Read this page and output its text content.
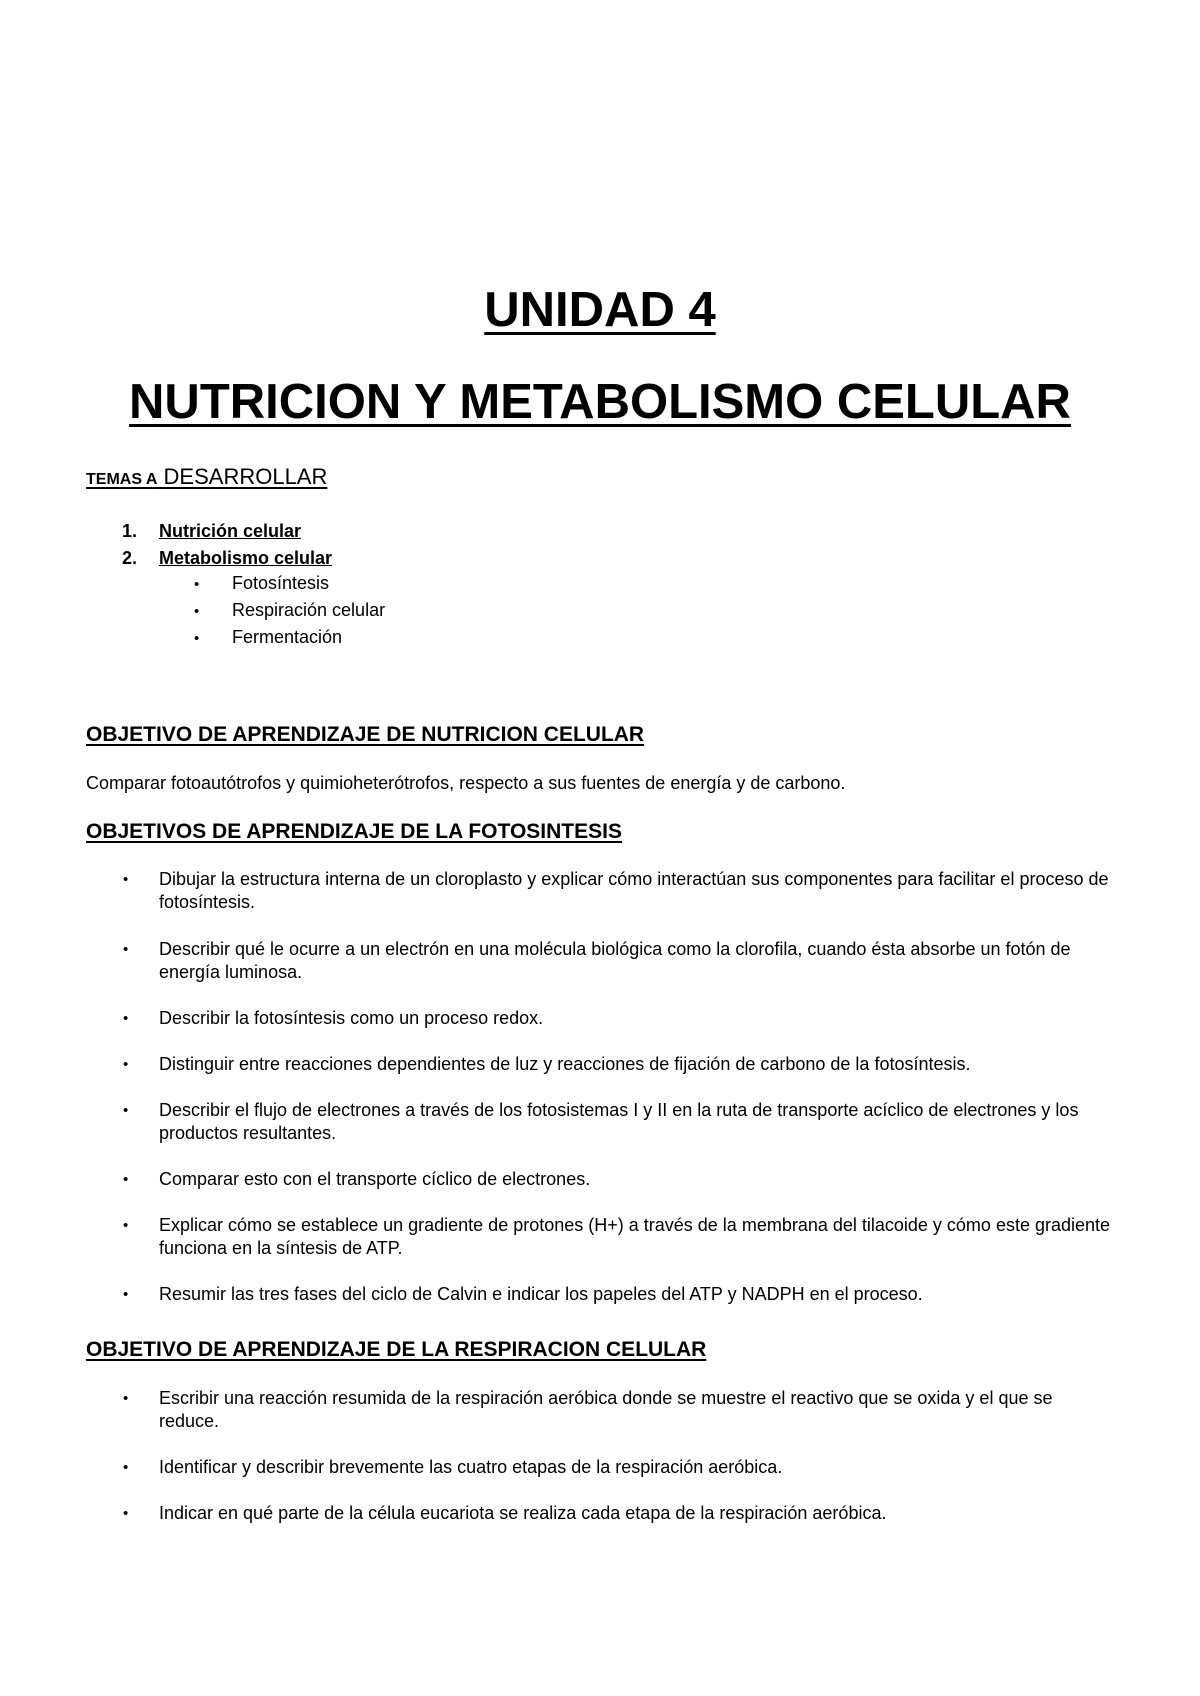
UNIDAD 4
NUTRICION Y METABOLISMO CELULAR

TEMAS A DESARROLLAR

1. Nutrición celular
2. Metabolismo celular
• Fotosíntesis
• Respiración celular
• Fermentación
OBJETIVO DE APRENDIZAJE DE NUTRICION CELULAR

Comparar fotoautótrofos y quimioheterótrofos, respecto a sus fuentes de energía y de carbono.

OBJETIVOS DE APRENDIZAJE DE LA FOTOSINTESIS
• Dibujar la estructura interna de un cloroplasto y explicar cómo interactúan sus componentes para facilitar el proceso de fotosíntesis.
• Describir qué le ocurre a un electrón en una molécula biológica como la clorofila, cuando ésta absorbe un fotón de energía luminosa.
• Describir la fotosíntesis como un proceso redox.
• Distinguir entre reacciones dependientes de luz y reacciones de fijación de carbono de la fotosíntesis.
• Describir el flujo de electrones a través de los fotosistemas I y II en la ruta de transporte acíclico de electrones y los productos resultantes.
• Comparar esto con el transporte cíclico de electrones.
• Explicar cómo se establece un gradiente de protones (H+) a través de la membrana del tilacoide y cómo este gradiente funciona en la síntesis de ATP.
• Resumir las tres fases del ciclo de Calvin e indicar los papeles del ATP y NADPH en el proceso.
OBJETIVO DE APRENDIZAJE DE LA RESPIRACION CELULAR
• Escribir una reacción resumida de la respiración aeróbica donde se muestre el reactivo que se oxida y el que se reduce.
• Identificar y describir brevemente las cuatro etapas de la respiración aeróbica.
• Indicar en qué parte de la célula eucariota se realiza cada etapa de la respiración aeróbica.
